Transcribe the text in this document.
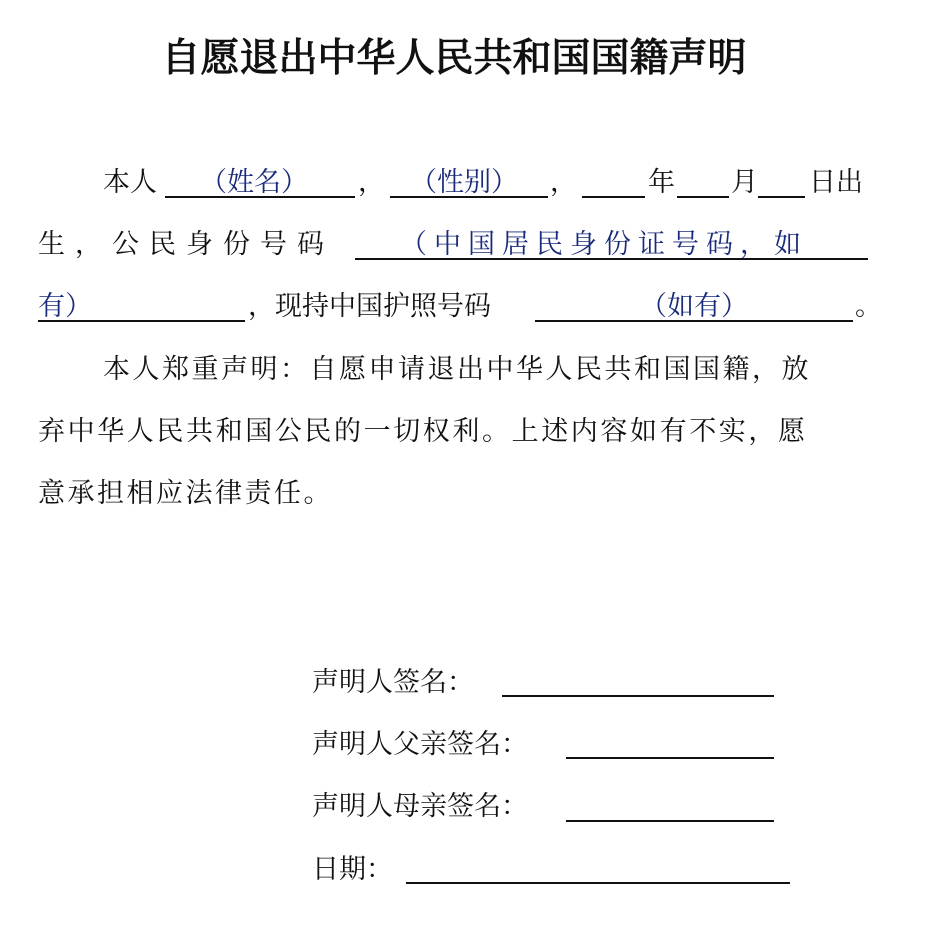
自愿退出中华人民共和国国籍声明
本人 （姓名） ， （性别） ，	年 月 日出
生，公民身份号码 （中国居民身份证号码，如
有）	，现持中国护照号码	（如有）	。
本人郑重声明：自愿申请退出中华人民共和国国籍，放
弃中华人民共和国公民的一切权利。上述内容如有不实，愿
意承担相应法律责任。
声明人签名：
声明人父亲签名：
声明人母亲签名：
日期：
